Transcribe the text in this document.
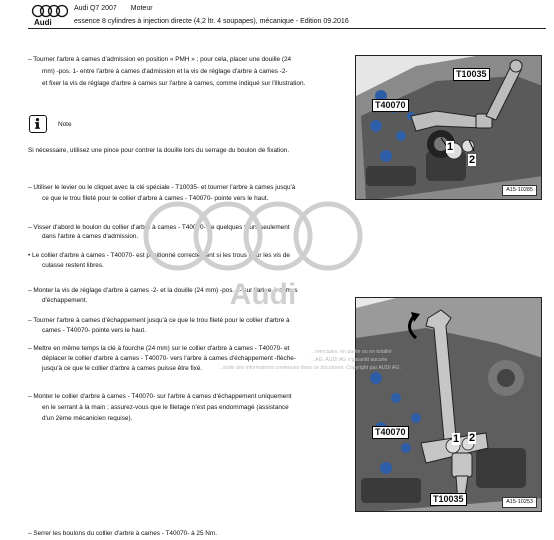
Audi
Audi Q7 2007 Moteur
essence 8 cylindres à injection directe (4,2 ltr. 4 soupapes), mécanique - Edition 09.2016
– Tourner l'arbre à cames d'admission en position « PMH » ; pour cela, placer une douille (24
mm) -pos. 1- entre l'arbre à cames d'admission et la vis de réglage d'arbre à cames -2-
et fixer la vis de réglage d'arbre à cames sur l'arbre à cames, comme indiqué sur l'illustration.
Note
Si nécessaire, utilisez une pince pour contrer la douille lors du serrage du boulon de fixation.
– Utiliser le levier ou le cliquet avec la clé spéciale - T10035- et tourner l'arbre à cames jusqu'à
ce que le trou fileté pour le collier d'arbre à cames - T40070- pointe vers le haut.
– Visser d'abord le boulon du collier d'arbre à cames - T40070- de quelques tours seulement
dans l'arbre à cames d'admission.
• Le collier d'arbre à cames - T40070- est positionné correctement si les trous pour les vis de
culasse restent libres.
– Monter la vis de réglage d'arbre à cames -2- et la douille (24 mm) -pos. 1- sur l'arbre à cames
d'échappement.
– Tourner l'arbre à cames d'échappement jusqu'à ce que le trou fileté pour le collier d'arbre à
cames - T40070- pointe vers le haut.
– Mettre en même temps la clé à fourche (24 mm) sur le collier d'arbre à cames - T40070- et
déplacer le collier d'arbre à cames - T40070- vers l'arbre à cames d'échappement -flèche-
jusqu'à ce que le collier d'arbre à cames puisse être fixé.
– Monter le collier d'arbre à cames - T40070- sur l'arbre à cames d'échappement uniquement
en le serrant à la main ; assurez-vous que le filetage n'est pas endommagé (assistance
d'un 2ème mécanicien requise).
– Serrer les boulons du collier d'arbre à cames - T40070- à 25 Nm.
T10035
T40070
1
2
A15-10285
T40070
T10035
1 2
A15-10253
Audi
…merciales, en partie ou en totalité
…AG. AUDI AG n'garantit aucune
…itude des informations contenues dans ce document. Copyright par AUDI AG.
